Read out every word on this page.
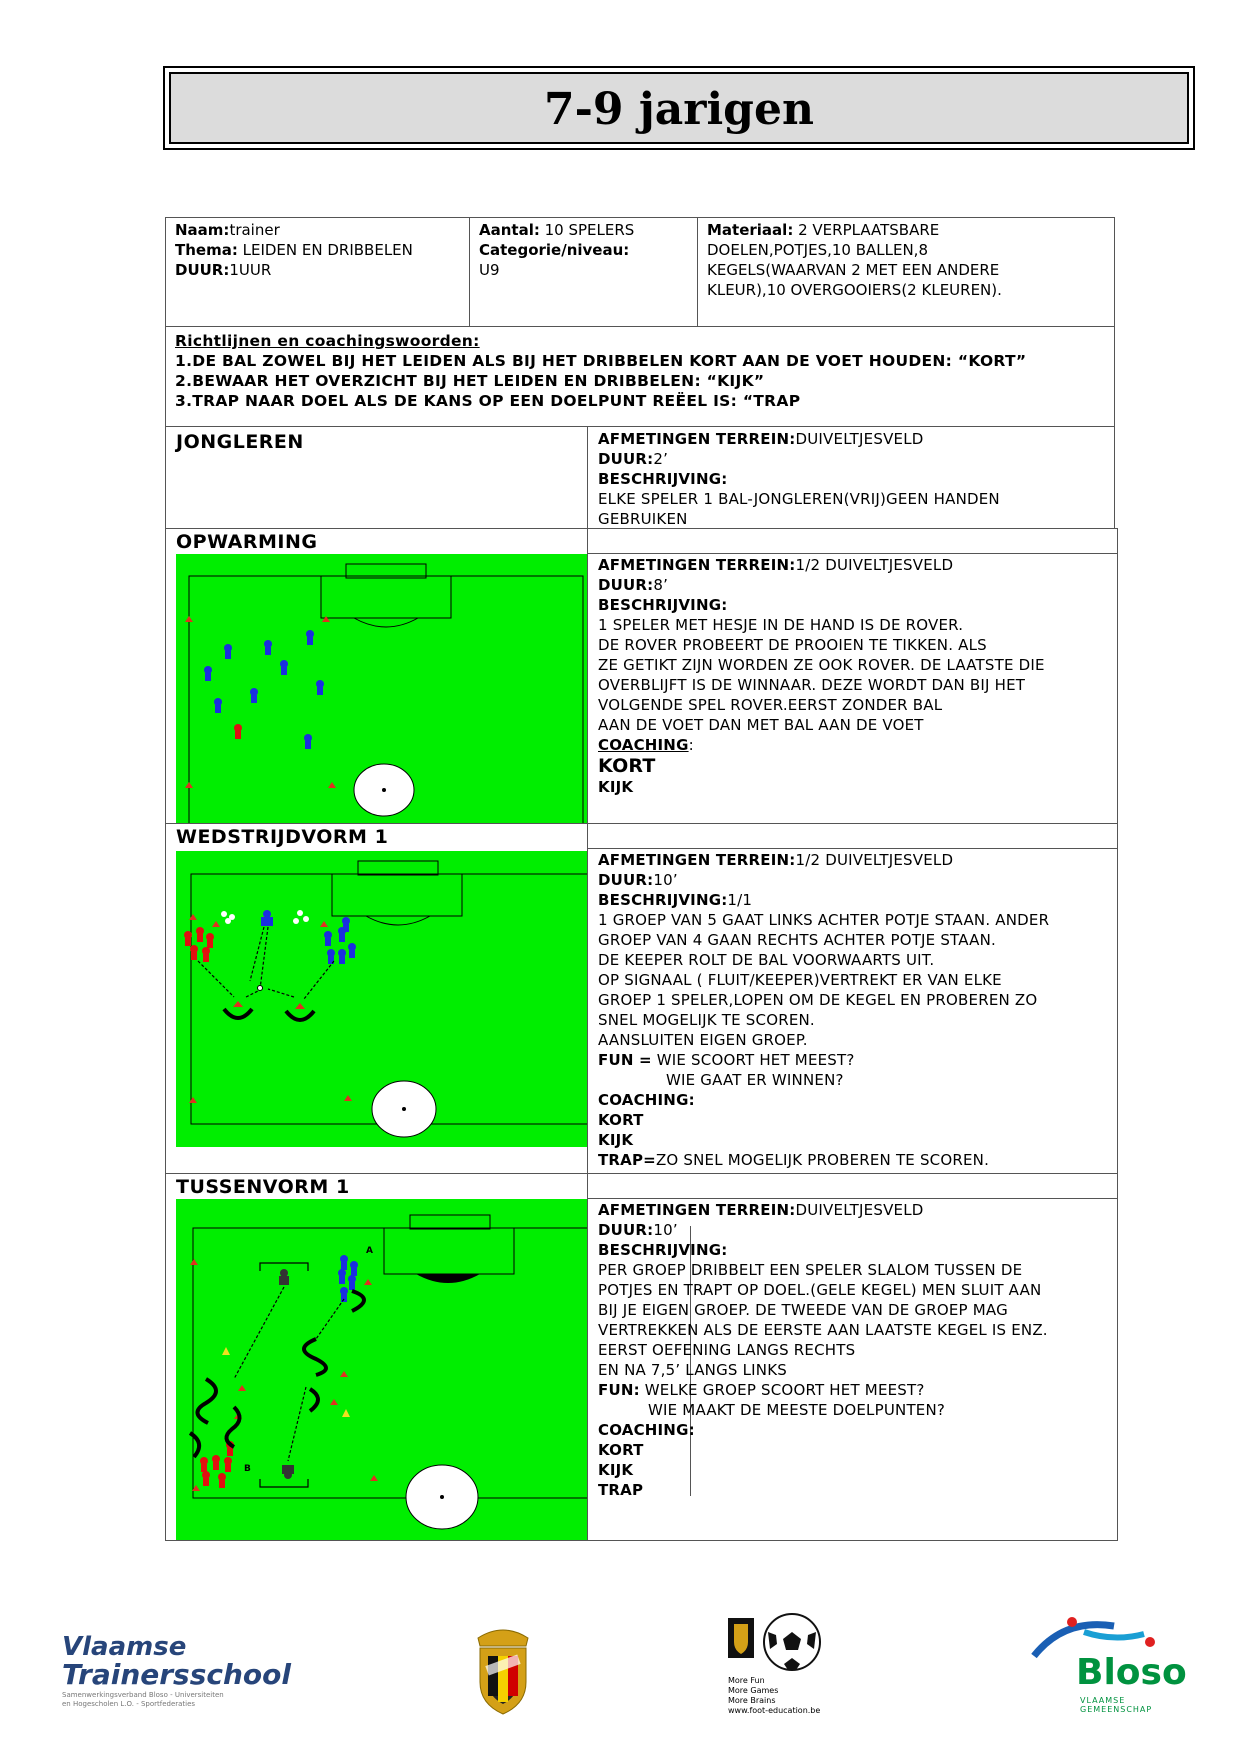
7-9 jarigen
Naam:trainer
Thema: LEIDEN EN DRIBBELEN
DUUR:1UUR
Aantal: 10 SPELERS
Categorie/niveau:
U9
Materiaal: 2 VERPLAATSBARE
DOELEN,POTJES,10 BALLEN,8
KEGELS(WAARVAN 2 MET EEN ANDERE
KLEUR),10 OVERGOOIERS(2 KLEUREN).
Richtlijnen en coachingswoorden:
1.DE BAL ZOWEL BIJ HET LEIDEN ALS BIJ HET DRIBBELEN KORT AAN DE VOET HOUDEN: “KORT”
2.BEWAAR HET OVERZICHT BIJ HET LEIDEN EN DRIBBELEN: “KIJK”
3.TRAP NAAR DOEL ALS DE KANS OP EEN DOELPUNT REËEL IS: “TRAP
JONGLEREN	AFMETINGEN TERREIN:DUIVELTJESVELD
DUUR:2’
BESCHRIJVING:
ELKE SPELER 1 BAL-JONGLEREN(VRIJ)GEEN HANDEN
GEBRUIKEN
OPWARMING
AFMETINGEN TERREIN:1/2 DUIVELTJESVELD
DUUR:8’
BESCHRIJVING:
1 SPELER MET HESJE IN DE HAND IS DE ROVER.
DE ROVER PROBEERT DE PROOIEN TE TIKKEN. ALS
ZE GETIKT ZIJN WORDEN ZE OOK ROVER. DE LAATSTE DIE
OVERBLIJFT IS DE WINNAAR. DEZE WORDT DAN BIJ HET
VOLGENDE SPEL ROVER.EERST ZONDER BAL
AAN DE VOET DAN MET BAL AAN DE VOET
COACHING:
KORT
KIJK
WEDSTRIJDVORM 1
AFMETINGEN TERREIN:1/2 DUIVELTJESVELD
DUUR:10’
BESCHRIJVING:1/1
1 GROEP VAN 5 GAAT LINKS ACHTER POTJE STAAN. ANDER
GROEP VAN 4 GAAN RECHTS ACHTER POTJE STAAN.
DE KEEPER ROLT DE BAL VOORWAARTS UIT.
OP SIGNAAL ( FLUIT/KEEPER)VERTREKT ER VAN ELKE
GROEP 1 SPELER,LOPEN OM DE KEGEL EN PROBEREN ZO
SNEL MOGELIJK TE SCOREN.
AANSLUITEN EIGEN GROEP.
FUN = WIE SCOORT HET MEEST?
WIE GAAT ER WINNEN?
COACHING:
KORT
KIJK
TRAP=ZO SNEL MOGELIJK PROBEREN TE SCOREN.
TUSSENVORM 1
A
B
AFMETINGEN TERREIN:DUIVELTJESVELD
DUUR:10’
BESCHRIJVING:
PER GROEP DRIBBELT EEN SPELER SLALOM TUSSEN DE
POTJES EN TRAPT OP DOEL.(GELE KEGEL) MEN SLUIT AAN
BIJ JE EIGEN GROEP. DE TWEEDE VAN DE GROEP MAG
VERTREKKEN ALS DE EERSTE AAN LAATSTE KEGEL IS ENZ.
EERST OEFENING LANGS RECHTS
EN NA 7,5’ LANGS LINKS
FUN: WELKE GROEP SCOORT HET MEEST?
WIE MAAKT DE MEESTE DOELPUNTEN?
COACHING:
KORT
KIJK
TRAP
Vlaamse
Trainersschool
Samenwerkingsverband Bloso - Universiteiten
en Hogescholen L.O. - Sportfederaties
More Fun
More Games
More Brains
www.foot-education.be
Bloso
VLAAMSE GEMEENSCHAP
